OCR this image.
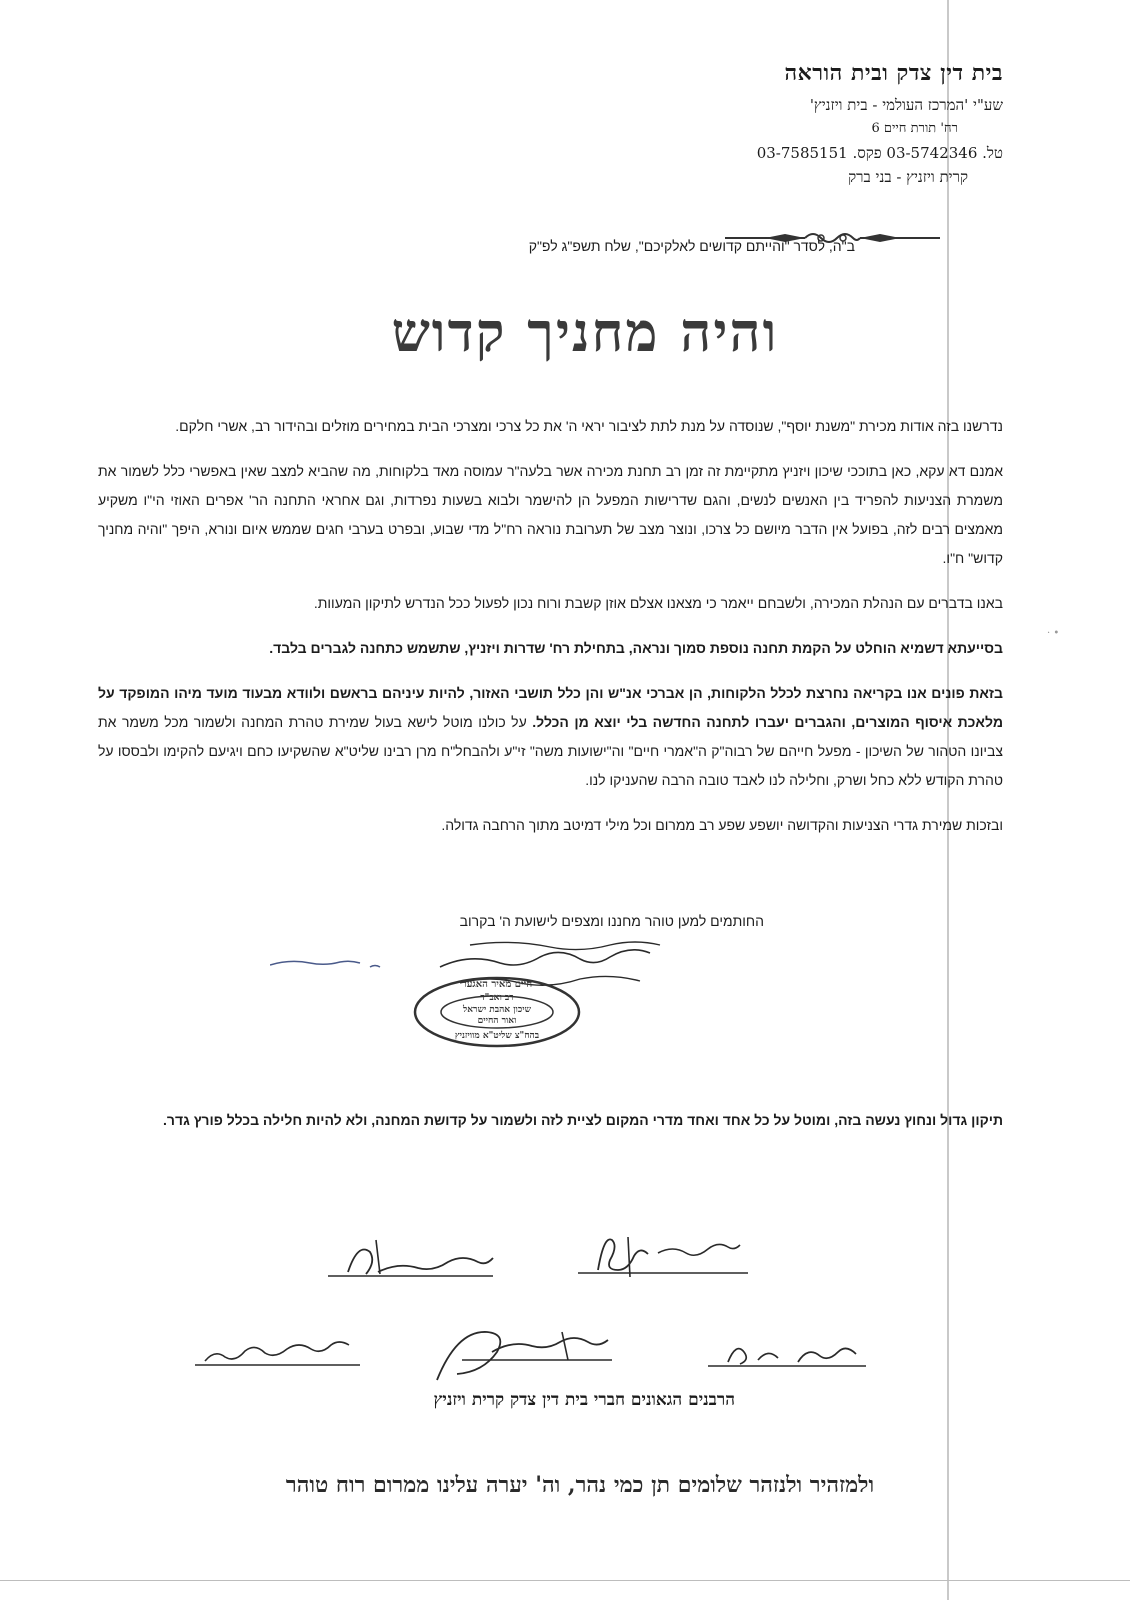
בית דין צדק ובית הוראה
שע"י 'המרכז העולמי - בית ויזניץ'
רח' תורת חיים 6
טל. 03-5742346 פקס. 03-7585151
קרית ויזניץ - בני ברק
ב"ה, לסדר "והייתם קדושים לאלקיכם", שלח תשפ"ג לפ"ק
והיה מחניך קדוש

נדרשנו בזה אודות מכירת "משנת יוסף", שנוסדה על מנת לתת לציבור יראי ה' את כל צרכי ומצרכי הבית במחירים מוזלים ובהידור רב, אשרי חלקם.

אמנם דא עקא, כאן בתוככי שיכון ויזניץ מתקיימת זה זמן רב תחנת מכירה אשר בלעה"ר עמוסה מאד בלקוחות, מה שהביא למצב שאין באפשרי כלל לשמור את משמרת הצניעות להפריד בין האנשים לנשים, והגם שדרישות המפעל הן להישמר ולבוא בשעות נפרדות, וגם אחראי התחנה הר' אפרים האוזי הי"ו משקיע מאמצים רבים לזה, בפועל אין הדבר מיושם כל צרכו, ונוצר מצב של תערובת נוראה רח"ל מדי שבוע, ובפרט בערבי חגים שממש איום ונורא, היפך "והיה מחניך קדוש" ח"ו.

באנו בדברים עם הנהלת המכירה, ולשבחם ייאמר כי מצאנו אצלם אוזן קשבת ורוח נכון לפעול ככל הנדרש לתיקון המעוות.

בסייעתא דשמיא הוחלט על הקמת תחנה נוספת סמוך ונראה, בתחילת רח' שדרות ויזניץ, שתשמש כתחנה לגברים בלבד.

בזאת פונים אנו בקריאה נחרצת לכלל הלקוחות, הן אברכי אנ"ש והן כלל תושבי האזור, להיות עיניהם בראשם ולוודא מבעוד מועד מיהו המופקד על מלאכת איסוף המוצרים, והגברים יעברו לתחנה החדשה בלי יוצא מן הכלל. על כולנו מוטל לישא בעול שמירת טהרת המחנה ולשמור מכל משמר את צביונו הטהור של השיכון - מפעל חייהם של רבוה"ק ה"אמרי חיים" וה"ישועות משה" זי"ע ולהבחל"ח מרן רבינו שליט"א שהשקיעו כחם ויגיעם להקימו ולבססו על טהרת הקודש ללא כחל ושרק, וחלילה לנו לאבד טובה הרבה שהעניקו לנו.

ובזכות שמירת גדרי הצניעות והקדושה יושפע שפע רב ממרום וכל מילי דמיטב מתוך הרחבה גדולה.

• ·
החותמים למען טוהר מחננו ומצפים לישועת ה' בקרוב
חיים מאיר האגער
רב ואב"ד
שיכון אהבת ישראל
ואור החיים
בהח"צ שליט"א מוויזניץ
תיקון גדול ונחוץ נעשה בזה, ומוטל על כל אחד ואחד מדרי המקום לציית לזה ולשמור על קדושת המחנה, ולא להיות חלילה בכלל פורץ גדר.
הרבנים הגאונים חברי בית דין צדק קרית ויזניץ
ולמזהיר ולנזהר שלומים תן כמי נהר, וה' יערה עלינו ממרום רוח טוהר
